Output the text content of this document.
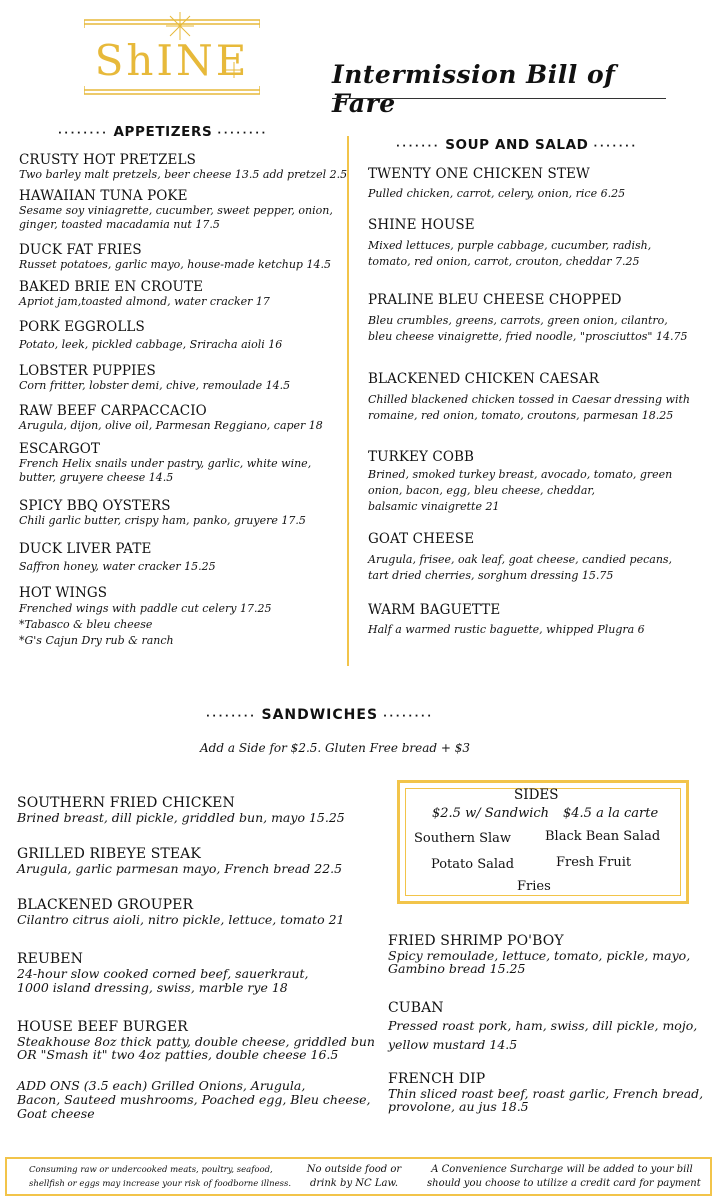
ShINE	Intermission Bill of Fare
········ APPETIZERS ········
······· SOUP AND SALAD ·······
CRUSTY HOT PRETZELS
Two barley malt pretzels, beer cheese 13.5 add pretzel 2.5
HAWAIIAN TUNA POKE
Sesame soy viniagrette, cucumber, sweet pepper, onion,
ginger, toasted macadamia nut 17.5
DUCK FAT FRIES
Russet potatoes, garlic mayo, house-made ketchup 14.5
BAKED BRIE EN CROUTE
Apriot jam,toasted almond, water cracker 17
PORK EGGROLLS
Potato, leek, pickled cabbage, Sriracha aioli 16
LOBSTER PUPPIES
Corn fritter, lobster demi, chive, remoulade 14.5
RAW BEEF CARPACCACIO
Arugula, dijon, olive oil, Parmesan Reggiano, caper 18
ESCARGOT
French Helix snails under pastry, garlic, white wine,
butter, gruyere cheese 14.5
SPICY BBQ OYSTERS
Chili garlic butter, crispy ham, panko, gruyere 17.5
DUCK LIVER PATE
Saffron honey, water cracker 15.25
HOT WINGS
Frenched wings with paddle cut celery 17.25
*Tabasco & bleu cheese
*G's Cajun Dry rub & ranch
TWENTY ONE CHICKEN STEW
Pulled chicken, carrot, celery, onion, rice 6.25
SHINE HOUSE
Mixed lettuces, purple cabbage, cucumber, radish,
tomato, red onion, carrot, crouton, cheddar 7.25
PRALINE BLEU CHEESE CHOPPED
Bleu crumbles, greens, carrots, green onion, cilantro,
bleu cheese vinaigrette, fried noodle, "prosciuttos" 14.75
BLACKENED CHICKEN CAESAR
Chilled blackened chicken tossed in Caesar dressing with
romaine, red onion, tomato, croutons, parmesan 18.25
TURKEY COBB
Brined, smoked turkey breast, avocado, tomato, green
onion, bacon, egg, bleu cheese, cheddar,
balsamic vinaigrette 21
GOAT CHEESE
Arugula, frisee, oak leaf, goat cheese, candied pecans,
tart dried cherries, sorghum dressing 15.75
WARM BAGUETTE
Half a warmed rustic baguette, whipped Plugra 6
········ SANDWICHES ········
Add a Side for $2.5. Gluten Free bread + $3
SOUTHERN FRIED CHICKEN
Brined breast, dill pickle, griddled bun, mayo 15.25
GRILLED RIBEYE STEAK
Arugula, garlic parmesan mayo, French bread 22.5
BLACKENED GROUPER
Cilantro citrus aioli, nitro pickle, lettuce, tomato 21
REUBEN
24-hour slow cooked corned beef, sauerkraut,
1000 island dressing, swiss, marble rye 18
HOUSE BEEF BURGER
Steakhouse 8oz thick patty, double cheese, griddled bun
OR "Smash it" two 4oz patties, double cheese 16.5
ADD ONS (3.5 each) Grilled Onions, Arugula,
Bacon, Sauteed mushrooms, Poached egg, Bleu cheese,
Goat cheese
SIDES
$2.5 w/ Sandwich $4.5 a la carte
Southern Slaw	Black Bean Salad
Potato Salad	Fresh Fruit
Fries
FRIED SHRIMP PO'BOY
Spicy remoulade, lettuce, tomato, pickle, mayo,
Gambino bread 15.25
CUBAN
Pressed roast pork, ham, swiss, dill pickle, mojo,
yellow mustard 14.5
FRENCH DIP
Thin sliced roast beef, roast garlic, French bread,
provolone, au jus 18.5
Consuming raw or undercooked meats, poultry, seafood,
shellfish or eggs may increase your risk of foodborne illness.
No outside food or
drink by NC Law.
A Convenience Surcharge will be added to your bill
should you choose to utilize a credit card for payment
